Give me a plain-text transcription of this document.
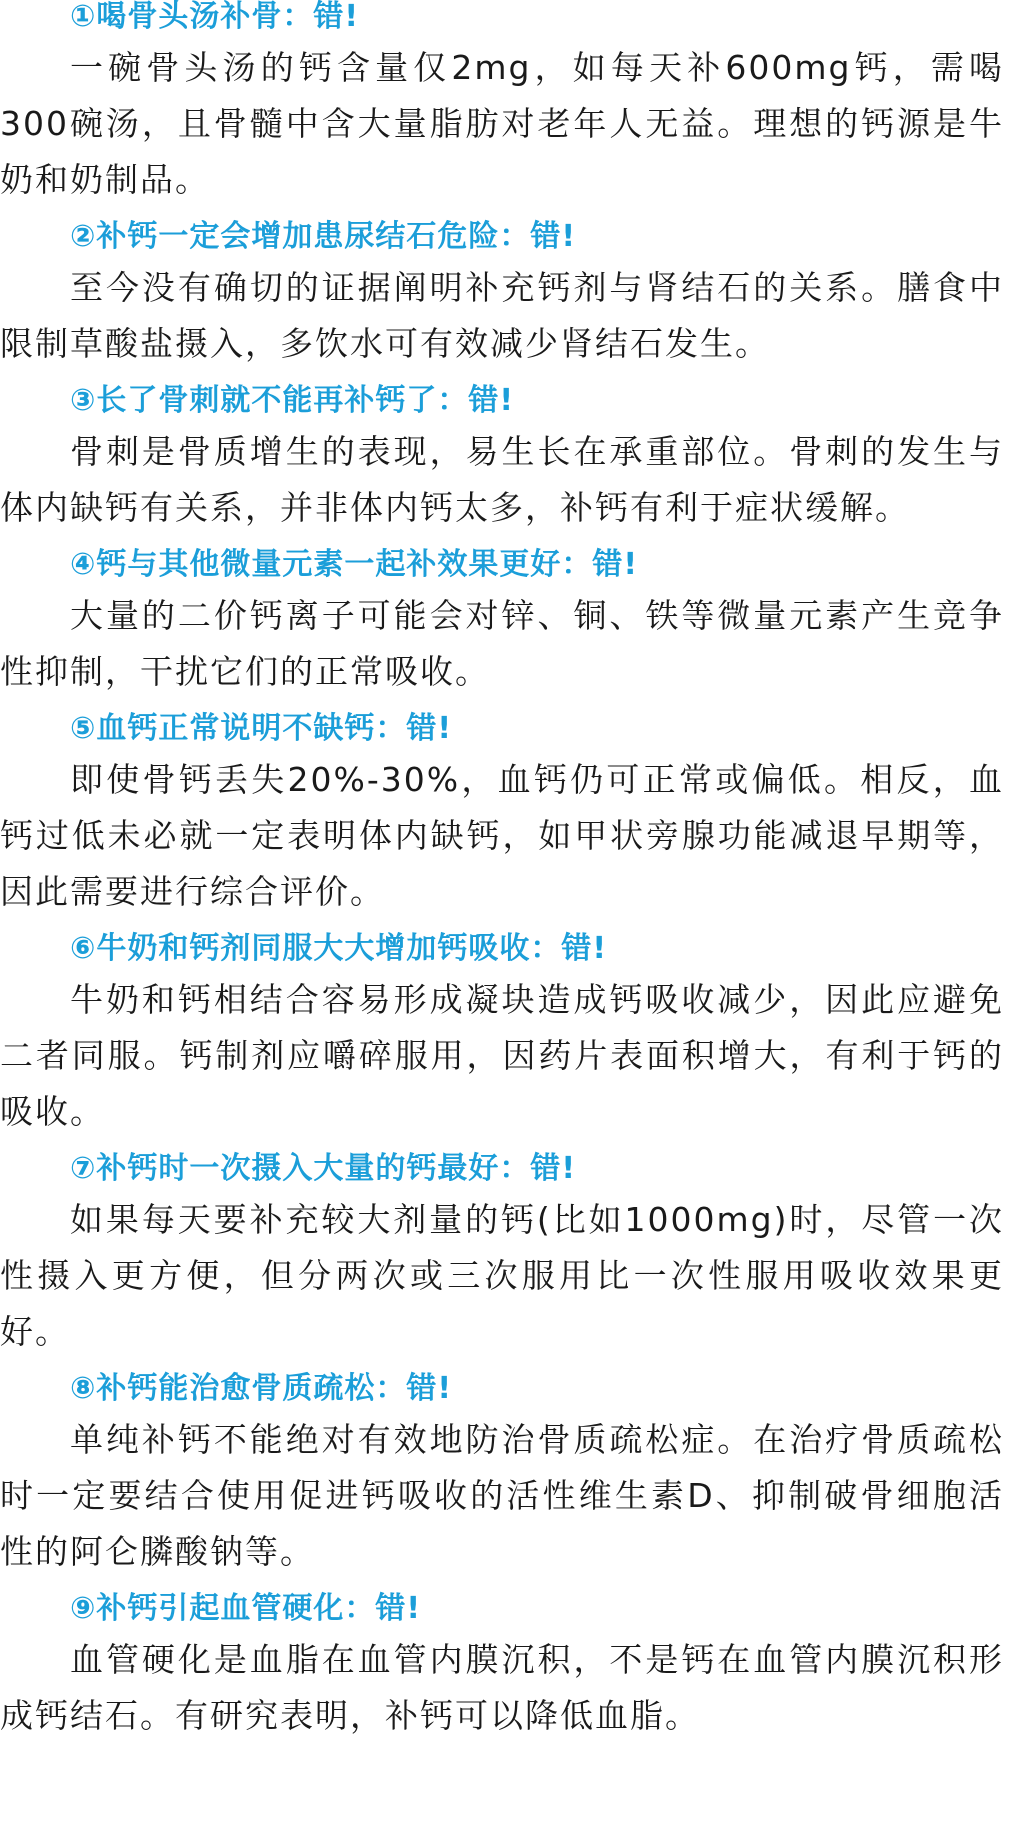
①喝骨头汤补骨：错!

一碗骨头汤的钙含量仅2mg，如每天补600mg钙，需喝300碗汤，且骨髓中含大量脂肪对老年人无益。理想的钙源是牛奶和奶制品。

②补钙一定会增加患尿结石危险：错!

至今没有确切的证据阐明补充钙剂与肾结石的关系。膳食中限制草酸盐摄入，多饮水可有效减少肾结石发生。

③长了骨刺就不能再补钙了：错!

骨刺是骨质增生的表现，易生长在承重部位。骨刺的发生与体内缺钙有关系，并非体内钙太多，补钙有利于症状缓解。

④钙与其他微量元素一起补效果更好：错!

大量的二价钙离子可能会对锌、铜、铁等微量元素产生竞争性抑制，干扰它们的正常吸收。

⑤血钙正常说明不缺钙：错!

即使骨钙丢失20%-30%，血钙仍可正常或偏低。相反，血钙过低未必就一定表明体内缺钙，如甲状旁腺功能减退早期等，因此需要进行综合评价。

⑥牛奶和钙剂同服大大增加钙吸收：错!

牛奶和钙相结合容易形成凝块造成钙吸收减少，因此应避免二者同服。钙制剂应嚼碎服用，因药片表面积增大，有利于钙的吸收。

⑦补钙时一次摄入大量的钙最好：错!

如果每天要补充较大剂量的钙(比如1000mg)时，尽管一次性摄入更方便，但分两次或三次服用比一次性服用吸收效果更好。

⑧补钙能治愈骨质疏松：错!

单纯补钙不能绝对有效地防治骨质疏松症。在治疗骨质疏松时一定要结合使用促进钙吸收的活性维生素D、抑制破骨细胞活性的阿仑膦酸钠等。

⑨补钙引起血管硬化：错!

血管硬化是血脂在血管内膜沉积，不是钙在血管内膜沉积形成钙结石。有研究表明，补钙可以降低血脂。
